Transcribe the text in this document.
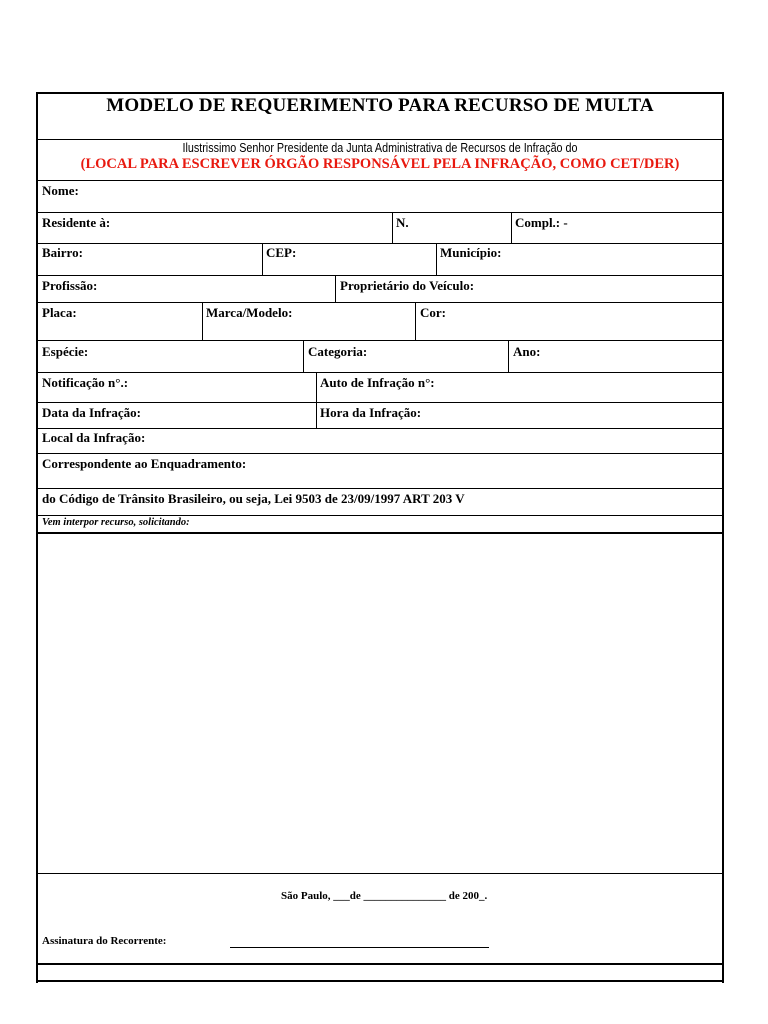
MODELO DE REQUERIMENTO PARA RECURSO DE MULTA
Ilustrissimo Senhor Presidente da Junta Administrativa de Recursos de Infração do
(LOCAL PARA ESCREVER ÓRGÃO RESPONSÁVEL PELA INFRAÇÃO, COMO CET/DER)
Nome:
Residente à:	N.	Compl.: -
Bairro:	CEP:	Município:
Profissão:	Proprietário do Veículo:
Placa:	Marca/Modelo:	Cor:
Espécie:	Categoria:	Ano:
Notificação n°.:	Auto de Infração n°:
Data da Infração:	Hora da Infração:
Local da Infração:
Correspondente ao Enquadramento:
do Código de Trânsito Brasileiro, ou seja, Lei 9503 de 23/09/1997 ART 203 V
Vem interpor recurso, solicitando:
São Paulo, ___de _______________ de 200_.
Assinatura do Recorrente:
